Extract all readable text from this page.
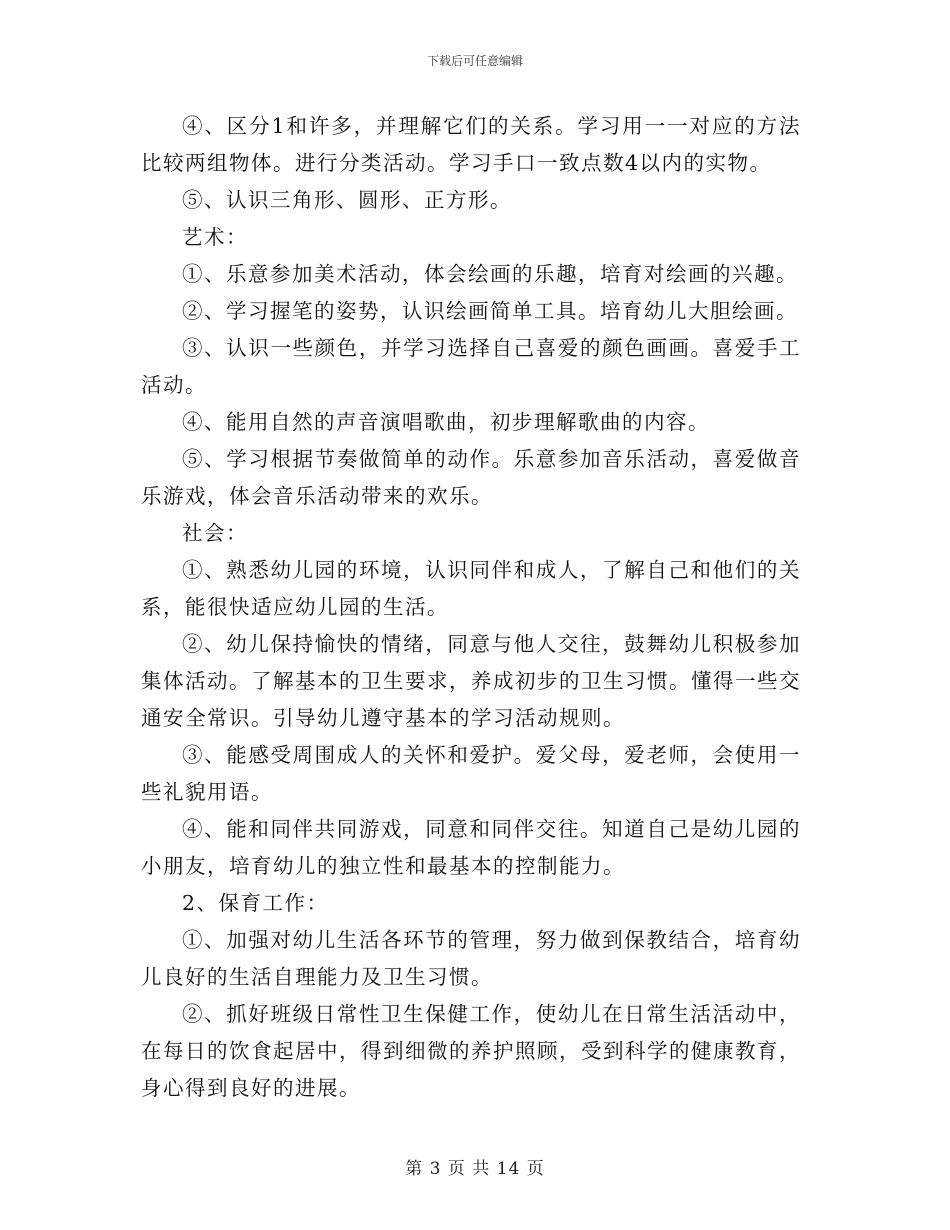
下载后可任意编辑

④、区分1和许多，并理解它们的关系。学习用一一对应的方法比较两组物体。进行分类活动。学习手口一致点数4以内的实物。

⑤、认识三角形、圆形、正方形。

艺术：

①、乐意参加美术活动，体会绘画的乐趣，培育对绘画的兴趣。

②、学习握笔的姿势，认识绘画简单工具。培育幼儿大胆绘画。

③、认识一些颜色，并学习选择自己喜爱的颜色画画。喜爱手工活动。

④、能用自然的声音演唱歌曲，初步理解歌曲的内容。

⑤、学习根据节奏做简单的动作。乐意参加音乐活动，喜爱做音乐游戏，体会音乐活动带来的欢乐。

社会：

①、熟悉幼儿园的环境，认识同伴和成人，了解自己和他们的关系，能很快适应幼儿园的生活。

②、幼儿保持愉快的情绪，同意与他人交往，鼓舞幼儿积极参加集体活动。了解基本的卫生要求，养成初步的卫生习惯。懂得一些交通安全常识。引导幼儿遵守基本的学习活动规则。

③、能感受周围成人的关怀和爱护。爱父母，爱老师，会使用一些礼貌用语。

④、能和同伴共同游戏，同意和同伴交往。知道自己是幼儿园的小朋友，培育幼儿的独立性和最基本的控制能力。

2、保育工作：

①、加强对幼儿生活各环节的管理，努力做到保教结合，培育幼儿良好的生活自理能力及卫生习惯。

②、抓好班级日常性卫生保健工作，使幼儿在日常生活活动中，在每日的饮食起居中，得到细微的养护照顾，受到科学的健康教育，身心得到良好的进展。

第 3 页 共 14 页
